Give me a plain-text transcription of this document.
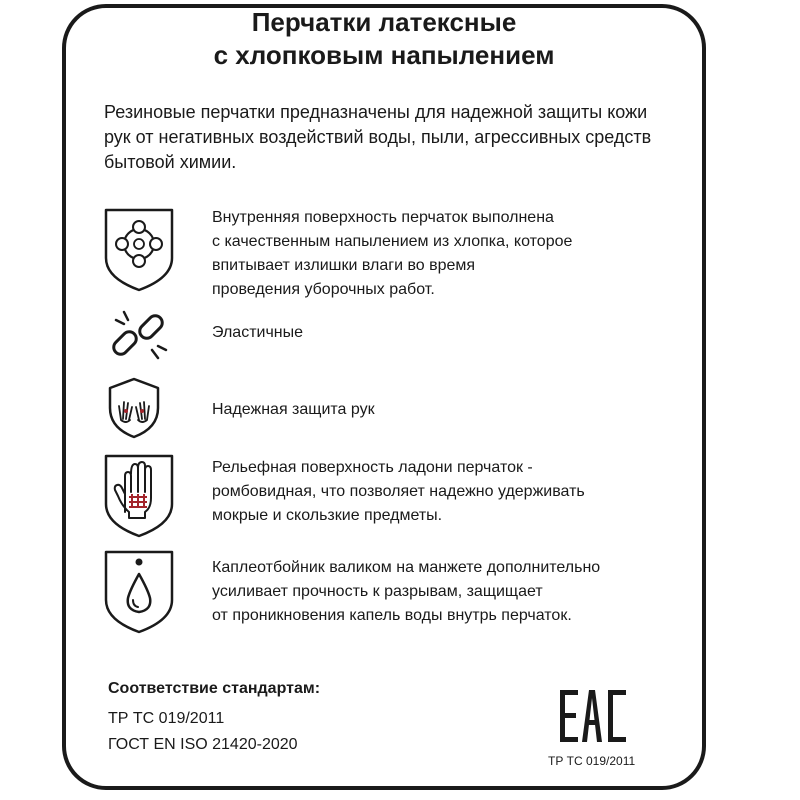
Перчатки латексные
с хлопковым напылением
Резиновые перчатки предназначены для надежной защиты кожи
рук от негативных воздействий воды, пыли, агрессивных средств
бытовой химии.
Внутренняя поверхность перчаток выполнена
с качественным напылением из хлопка, которое
впитывает излишки влаги во время
проведения уборочных работ.
Эластичные
Надежная защита рук
Рельефная поверхность ладони перчаток -
ромбовидная, что позволяет надежно удерживать
мокрые и скользкие предметы.
Каплеотбойник валиком на манжете дополнительно
усиливает прочность к разрывам, защищает
от проникновения капель воды внутрь перчаток.
Соответствие стандартам:
ТР ТС 019/2011
ГОСТ EN ISO 21420-2020
ТР ТС 019/2011
